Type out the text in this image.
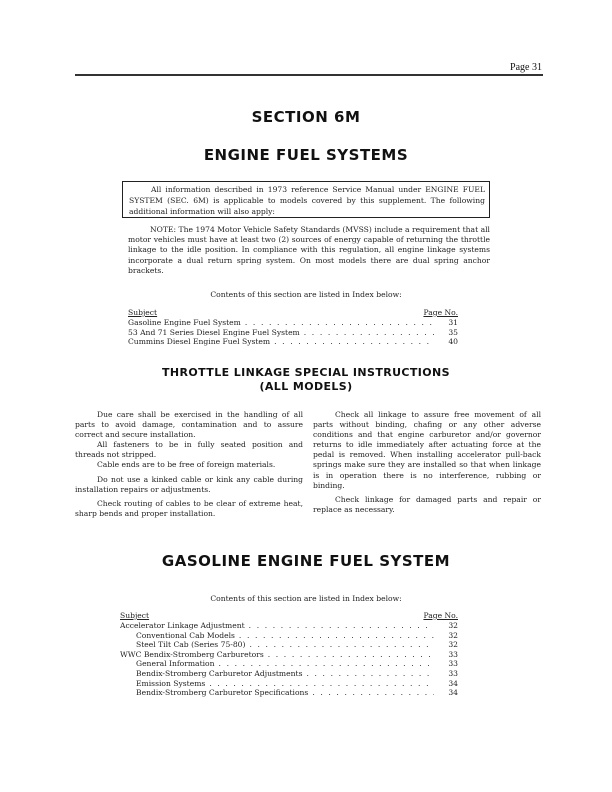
Page 31
SECTION 6M
ENGINE FUEL SYSTEMS

All information described in 1973 reference Service Manual under ENGINE FUEL SYSTEM (SEC. 6M) is applicable to models covered by this supplement. The following additional information will also apply:

NOTE: The 1974 Motor Vehicle Safety Standards (MVSS) include a requirement that all motor vehicles must have at least two (2) sources of energy capable of returning the throttle linkage to the idle position. In compliance with this regulation, all engine linkage systems incorporate a dual return spring system. On most models there are dual spring anchor brackets.

Contents of this section are listed in Index below:

Subject	Page No.
Gasoline Engine Fuel System . . .	31
53 And 71 Series Diesel Engine Fuel System . . .	35
Cummins Diesel Engine Fuel System . . .	40
THROTTLE LINKAGE SPECIAL INSTRUCTIONS
(ALL MODELS)

Due care shall be exercised in the handling of all parts to avoid damage, contamination and to assure correct and secure installation.

All fasteners to be in fully seated position and threads not stripped.

Cable ends are to be free of foreign materials.

Do not use a kinked cable or kink any cable during installation repairs or adjustments.

Check routing of cables to be clear of extreme heat, sharp bends and proper installation.

Check all linkage to assure free movement of all parts without binding, chafing or any other adverse conditions and that engine carburetor and/or governor returns to idle immediately after actuating force at the pedal is removed. When installing accelerator pull-back springs make sure they are installed so that when linkage is in operation there is no interference, rubbing or binding.

Check linkage for damaged parts and repair or replace as necessary.

GASOLINE ENGINE FUEL SYSTEM

Contents of this section are listed in Index below:

Subject	Page No.
Accelerator Linkage Adjustment . . .	32
Conventional Cab Models . . .	32
Steel Tilt Cab (Series 75-80) . . .	32
WWC Bendix-Stromberg Carburetors . . .	33
General Information . . .	33
Bendix-Stromberg Carburetor Adjustments . . .	33
Emission Systems . . .	34
Bendix-Stromberg Carburetor Specifications . . .	34
